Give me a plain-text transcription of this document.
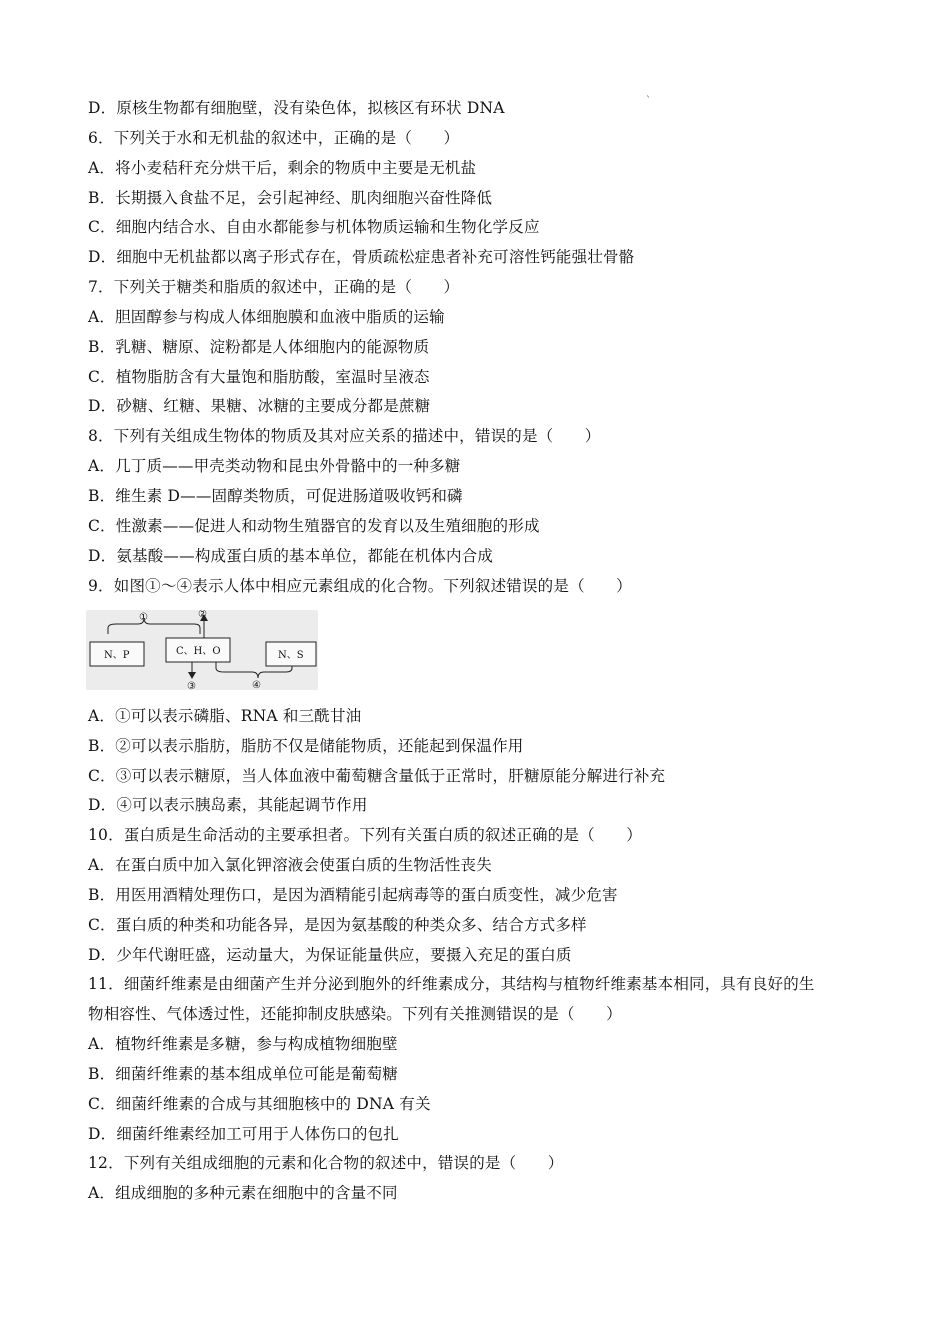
`
D．原核生物都有细胞壁，没有染色体，拟核区有环状 DNA
6．下列关于水和无机盐的叙述中，正确的是（　　）
A．将小麦秸秆充分烘干后，剩余的物质中主要是无机盐
B．长期摄入食盐不足，会引起神经、肌肉细胞兴奋性降低
C．细胞内结合水、自由水都能参与机体物质运输和生物化学反应
D．细胞中无机盐都以离子形式存在，骨质疏松症患者补充可溶性钙能强壮骨骼
7．下列关于糖类和脂质的叙述中，正确的是（　　）
A．胆固醇参与构成人体细胞膜和血液中脂质的运输
B．乳糖、糖原、淀粉都是人体细胞内的能源物质
C．植物脂肪含有大量饱和脂肪酸，室温时呈液态
D．砂糖、红糖、果糖、冰糖的主要成分都是蔗糖
8．下列有关组成生物体的物质及其对应关系的描述中，错误的是（　　）
A．几丁质——甲壳类动物和昆虫外骨骼中的一种多糖
B．维生素 D——固醇类物质，可促进肠道吸收钙和磷
C．性激素——促进人和动物生殖器官的发育以及生殖细胞的形成
D．氨基酸——构成蛋白质的基本单位，都能在机体内合成
9．如图①～④表示人体中相应元素组成的化合物。下列叙述错误的是（　　）
①	②
N、P	C、H、O	N、S
③	④
A．①可以表示磷脂、RNA 和三酰甘油
B．②可以表示脂肪，脂肪不仅是储能物质，还能起到保温作用
C．③可以表示糖原，当人体血液中葡萄糖含量低于正常时，肝糖原能分解进行补充
D．④可以表示胰岛素，其能起调节作用
10．蛋白质是生命活动的主要承担者。下列有关蛋白质的叙述正确的是（　　）
A．在蛋白质中加入氯化钾溶液会使蛋白质的生物活性丧失
B．用医用酒精处理伤口，是因为酒精能引起病毒等的蛋白质变性，减少危害
C．蛋白质的种类和功能各异，是因为氨基酸的种类众多、结合方式多样
D．少年代谢旺盛，运动量大，为保证能量供应，要摄入充足的蛋白质
11．细菌纤维素是由细菌产生并分泌到胞外的纤维素成分，其结构与植物纤维素基本相同，具有良好的生
物相容性、气体透过性，还能抑制皮肤感染。下列有关推测错误的是（　　）
A．植物纤维素是多糖，参与构成植物细胞壁
B．细菌纤维素的基本组成单位可能是葡萄糖
C．细菌纤维素的合成与其细胞核中的 DNA 有关
D．细菌纤维素经加工可用于人体伤口的包扎
12．下列有关组成细胞的元素和化合物的叙述中，错误的是（　　）
A．组成细胞的多种元素在细胞中的含量不同
